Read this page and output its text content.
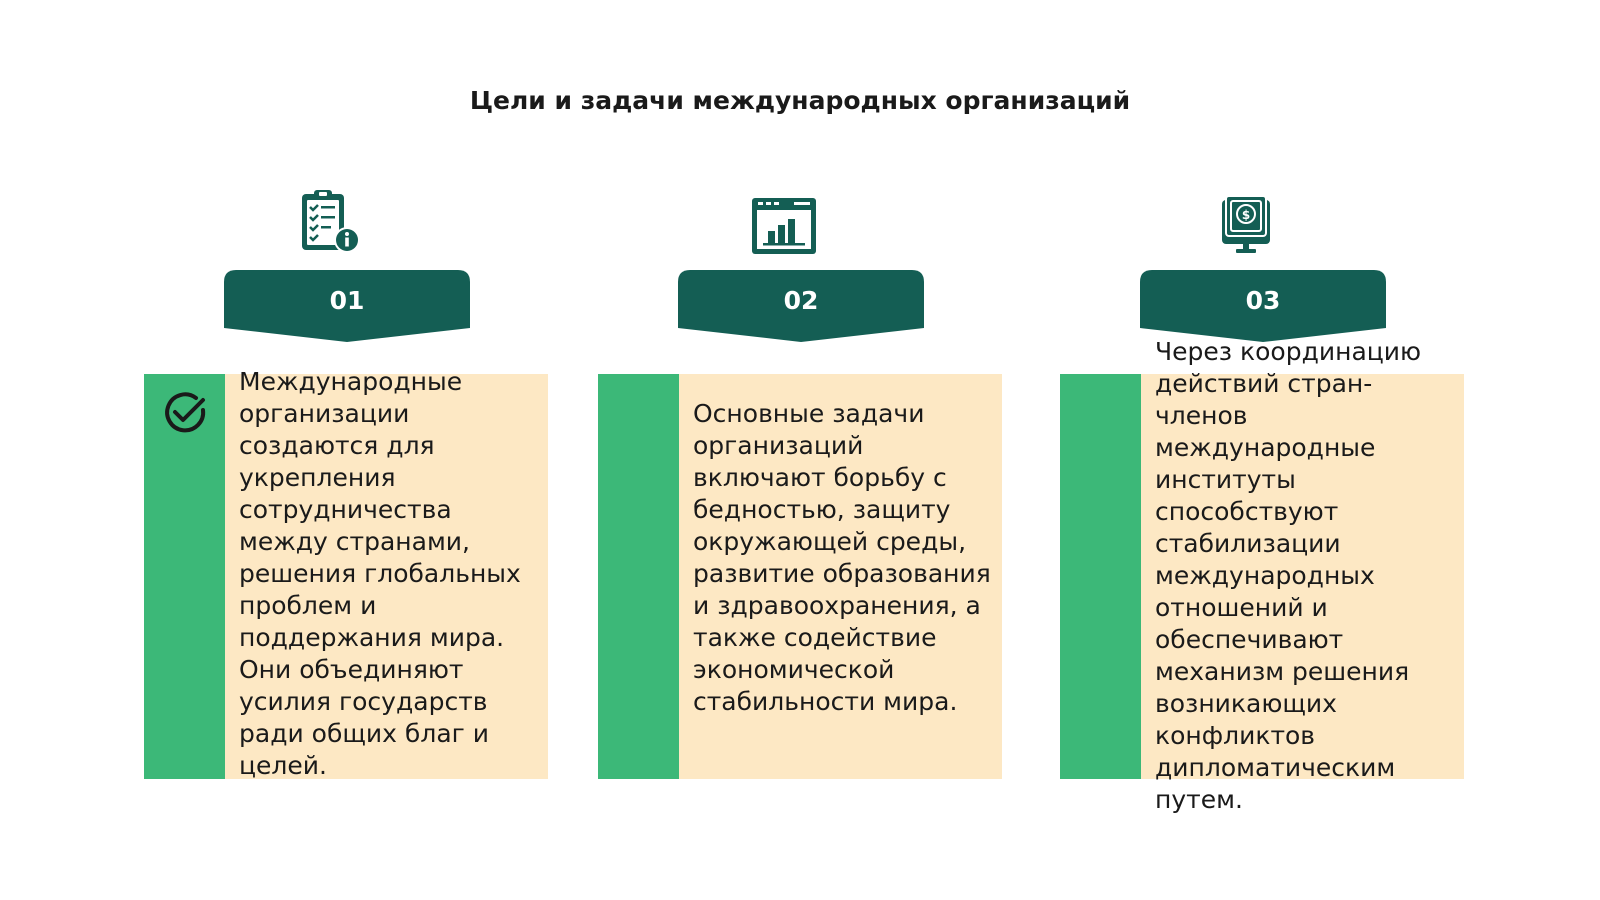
Цели и задачи международных организаций
01

Международные организации создаются для укрепления сотрудничества между странами, решения глобальных проблем и поддержания мира. Они объединяют усилия государств ради общих благ и целей.

02

Основные задачи организаций включают борьбу с бедностью, защиту окружающей среды, развитие образования и здравоохранения, а также содействие экономической стабильности мира.

$
03

Через координацию действий стран-членов международные институты способствуют стабилизации международных отношений и обеспечивают механизм решения возникающих конфликтов дипломатическим путем.
